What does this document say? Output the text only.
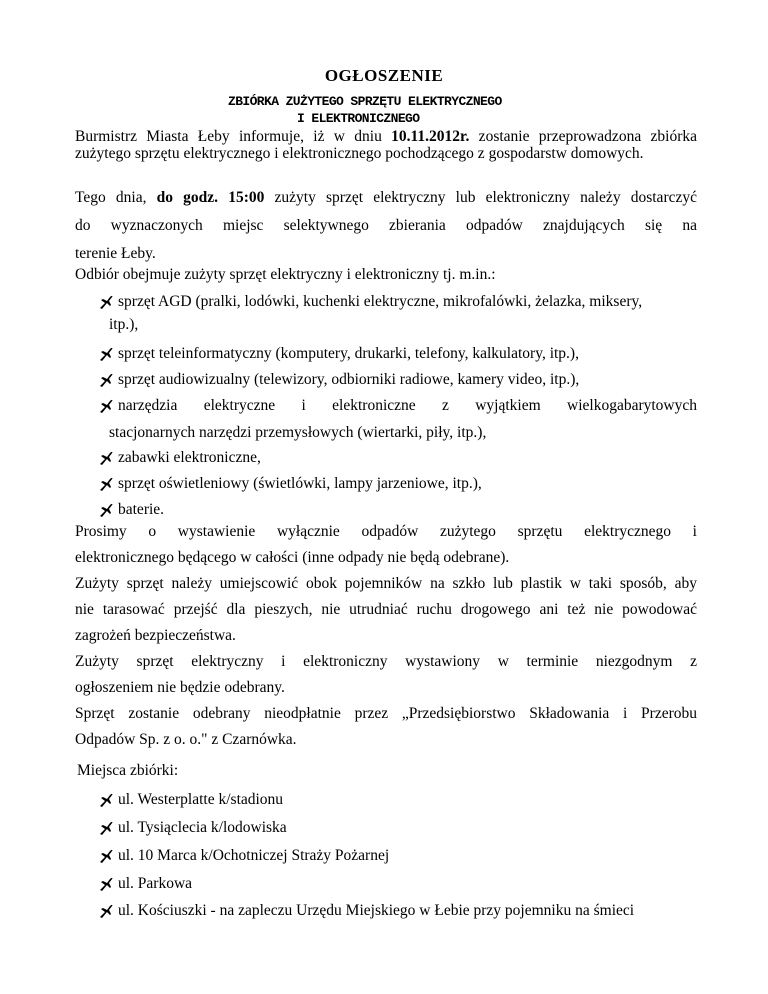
OGŁOSZENIE
ZBIÓRKA ZUŻYTEGO SPRZĘTU ELEKTRYCZNEGO
I ELEKTRONICZNEGO
Burmistrz Miasta Łeby informuje, iż w dniu 10.11.2012r. zostanie przeprowadzona zbiórka zużytego sprzętu elektrycznego i elektronicznego pochodzącego z gospodarstw domowych.
Tego dnia, do godz. 15:00 zużyty sprzęt elektryczny lub elektroniczny należy dostarczyć
do wyznaczonych miejsc selektywnego zbierania odpadów znajdujących się na
terenie Łeby.
Odbiór obejmuje zużyty sprzęt elektryczny i elektroniczny tj. m.in.:
sprzęt AGD (pralki, lodówki, kuchenki elektryczne, mikrofalówki, żelazka, miksery,
itp.),
sprzęt teleinformatyczny (komputery, drukarki, telefony, kalkulatory, itp.),
sprzęt audiowizualny (telewizory, odbiorniki radiowe, kamery video, itp.),
narzędzia elektryczne i elektroniczne z wyjątkiem wielkogabarytowych
stacjonarnych narzędzi przemysłowych (wiertarki, piły, itp.),
zabawki elektroniczne,
sprzęt oświetleniowy (świetlówki, lampy jarzeniowe, itp.),
baterie.
Prosimy o wystawienie wyłącznie odpadów zużytego sprzętu elektrycznego i
elektronicznego będącego w całości (inne odpady nie będą odebrane).
Zużyty sprzęt należy umiejscowić obok pojemników na szkło lub plastik w taki sposób, aby
nie tarasować przejść dla pieszych, nie utrudniać ruchu drogowego ani też nie powodować
zagrożeń bezpieczeństwa.
Zużyty sprzęt elektryczny i elektroniczny wystawiony w terminie niezgodnym z
ogłoszeniem nie będzie odebrany.
Sprzęt zostanie odebrany nieodpłatnie przez „Przedsiębiorstwo Składowania i Przerobu
Odpadów Sp. z o. o." z Czarnówka.
Miejsca zbiórki:
ul. Westerplatte k/stadionu
ul. Tysiąclecia k/lodowiska
ul. 10 Marca k/Ochotniczej Straży Pożarnej
ul. Parkowa
ul. Kościuszki - na zapleczu Urzędu Miejskiego w Łebie przy pojemniku na śmieci
